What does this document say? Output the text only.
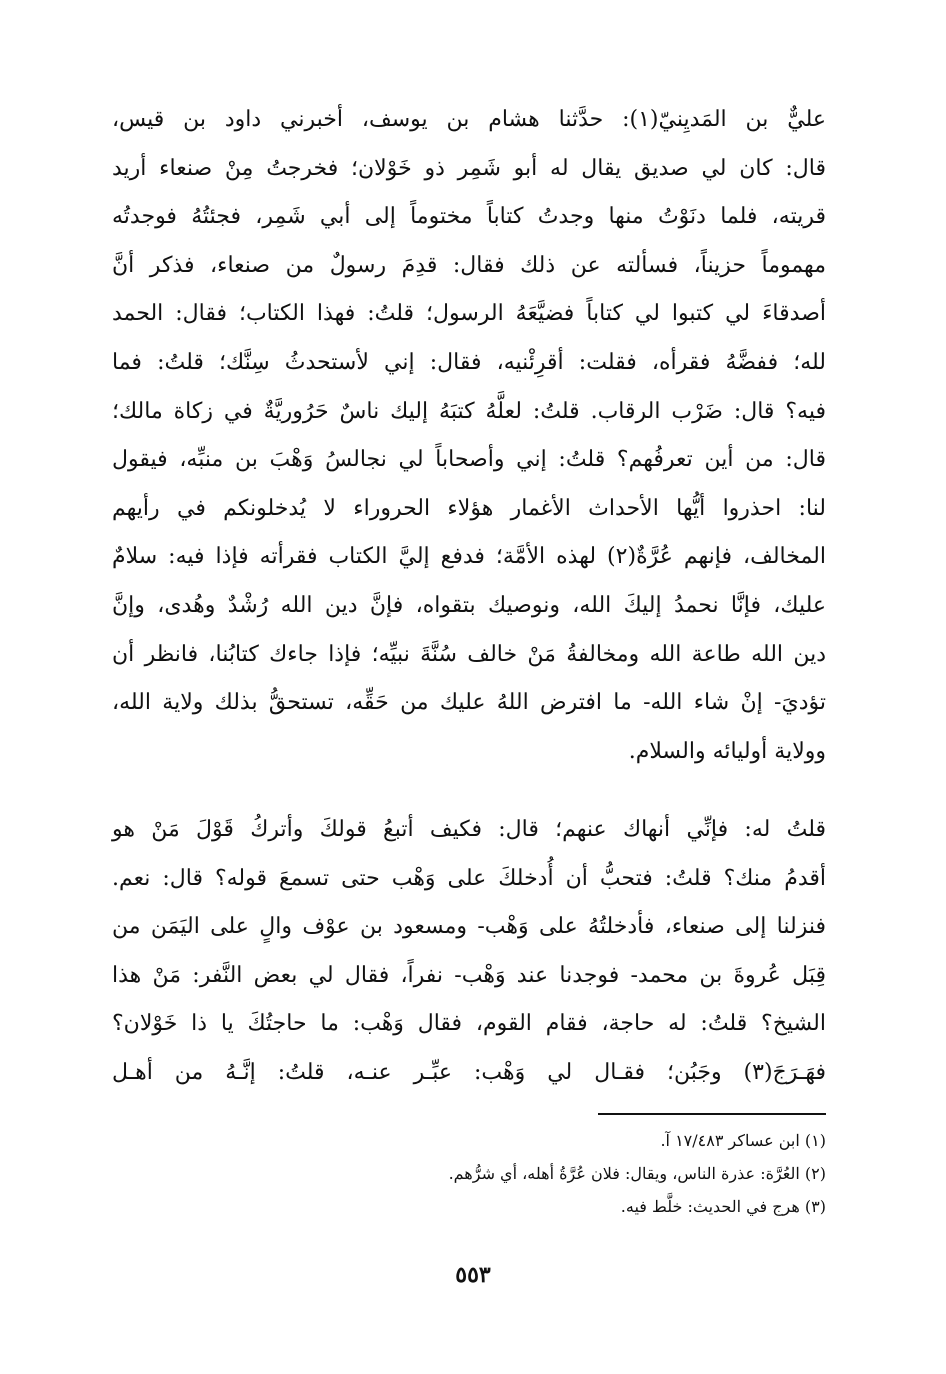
عليٌّ بن المَديِنيّ(١): حدَّثنا هشام بن يوسف، أخبرني داود بن قيس،
قال: كان لي صديق يقال له أبو شَمِر ذو خَوْلان؛ فخرجتُ مِنْ صنعاء أريد
قريته، فلما دنَوْتُ منها وجدتُ كتاباً مختوماً إلى أبي شَمِر، فجئتُهُ فوجدتُه
مهموماً حزيناً، فسألته عن ذلك فقال: قدِمَ رسولٌ من صنعاء، فذكر أنَّ
أصدقاءَ لي كتبوا لي كتاباً فضيَّعَهُ الرسول؛ قلتُ: فهذا الكتاب؛ فقال: الحمد
لله؛ ففضَّهُ فقرأه، فقلت: أقرِئْنيه، فقال: إني لأستحدثُ سِنَّك؛ قلتُ: فما
فيه؟ قال: ضَرْب الرقاب. قلتُ: لعلَّهُ كتبَهُ إليك ناسٌ حَرُوريَّةٌ في زكاة مالك؛
قال: من أين تعرفُهم؟ قلتُ: إني وأصحاباً لي نجالسُ وَهْبَ بن منبِّه، فيقول
لنا: احذروا أيُّها الأحداث الأغمار هؤلاء الحروراء لا يُدخلونكم في رأيهم
المخالف، فإنهم عُرَّةٌ(٢) لهذه الأمَّة؛ فدفع إليَّ الكتاب فقرأته فإذا فيه: سلامٌ
عليك، فإنَّا نحمدُ إليكَ الله، ونوصيك بتقواه، فإنَّ دين الله رُشْدٌ وهُدى، وإنَّ
دين الله طاعة الله ومخالفةُ مَنْ خالف سُنَّةَ نبيِّه؛ فإذا جاءك كتابُنا، فانظر أن
تؤديَ- إنْ شاء الله- ما افترض اللهُ عليك من حَقِّه، تستحقُّ بذلك ولاية الله،
وولاية أوليائه والسلام.
قلتُ له: فإنِّي أنهاك عنهم؛ قال: فكيف أتبعُ قولكَ وأتركُ قَوْلَ مَنْ هو
أقدمُ منك؟ قلتُ: فتحبُّ أن أُدخلكَ على وَهْب حتى تسمعَ قوله؟ قال: نعم.
فنزلنا إلى صنعاء، فأدخلتُهُ على وَهْب- ومسعود بن عوْف والٍ على اليَمَن من
قِبَل عُروةَ بن محمد- فوجدنا عند وَهْب- نفراً، فقال لي بعض النَّفر: مَنْ هذا
الشيخ؟ قلتُ: له حاجة، فقام القوم، فقال وَهْب: ما حاجتُكَ يا ذا خَوْلان؟
فهَـرَجَ(٣) وجَبُن؛ فقـال لي وَهْب: عبِّـر عنـه، قلتُ: إنَّـهُ من أهـل
(١) ابن عساكر ١٧/٤٨٣ آ.
(٢) العُرَّة: عذرة الناس، ويقال: فلان عُرَّةُ أهله، أي شرُّهم.
(٣) هرج في الحديث: خلَّط فيه.
٥٥٣
